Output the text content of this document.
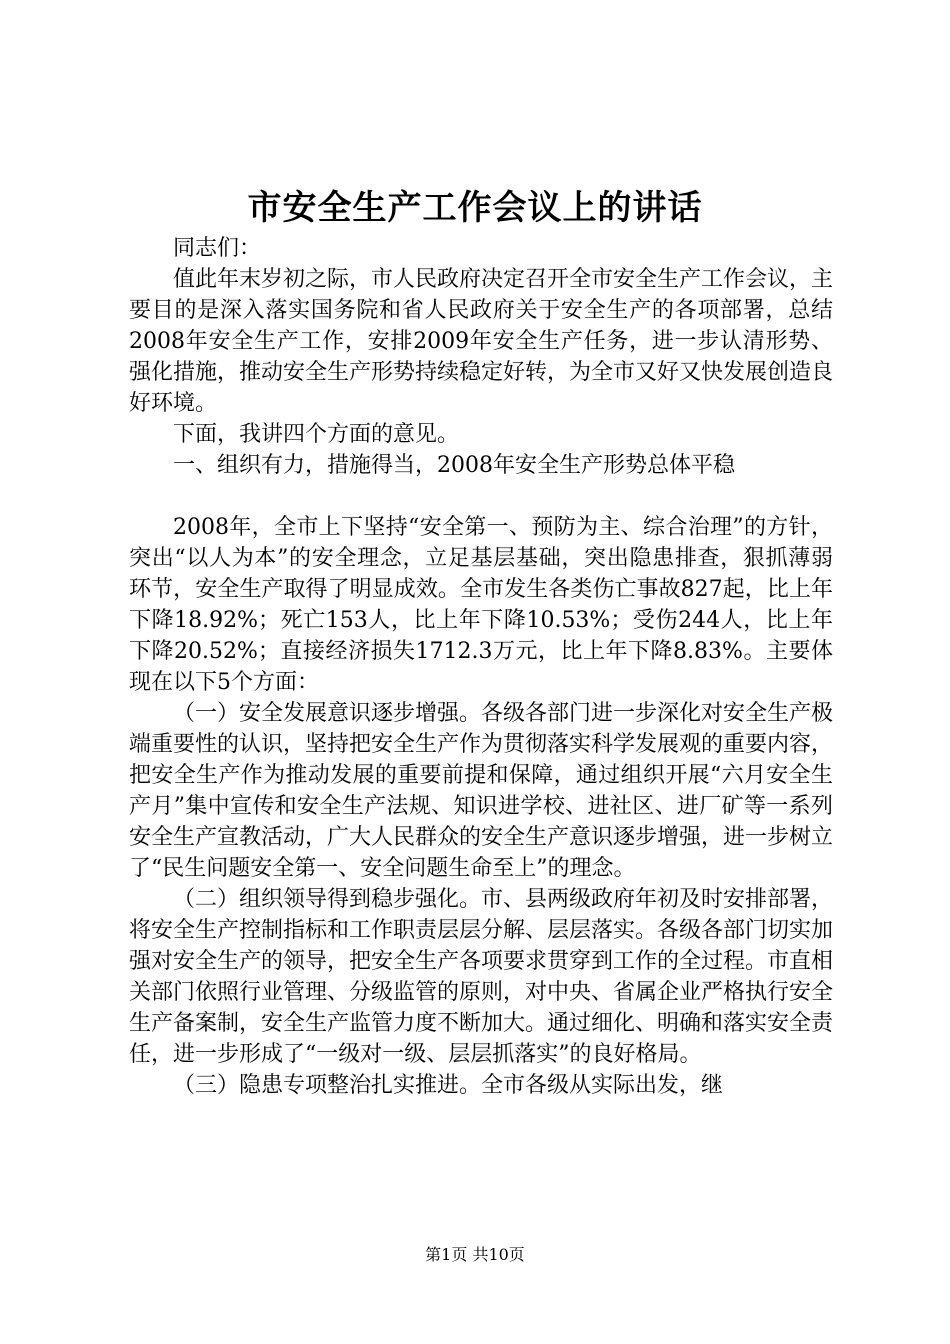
市安全生产工作会议上的讲话

同志们：

值此年末岁初之际，市人民政府决定召开全市安全生产工作会议，主要目的是深入落实国务院和省人民政府关于安全生产的各项部署，总结2008年安全生产工作，安排2009年安全生产任务，进一步认清形势、强化措施，推动安全生产形势持续稳定好转，为全市又好又快发展创造良好环境。

下面，我讲四个方面的意见。

一、组织有力，措施得当，2008年安全生产形势总体平稳

2008年，全市上下坚持“安全第一、预防为主、综合治理”的方针，突出“以人为本”的安全理念，立足基层基础，突出隐患排查，狠抓薄弱环节，安全生产取得了明显成效。全市发生各类伤亡事故827起，比上年下降18.92%；死亡153人，比上年下降10.53%；受伤244人，比上年下降20.52%；直接经济损失1712.3万元，比上年下降8.83%。主要体现在以下5个方面：

（一）安全发展意识逐步增强。各级各部门进一步深化对安全生产极端重要性的认识，坚持把安全生产作为贯彻落实科学发展观的重要内容，把安全生产作为推动发展的重要前提和保障，通过组织开展“六月安全生产月”集中宣传和安全生产法规、知识进学校、进社区、进厂矿等一系列安全生产宣教活动，广大人民群众的安全生产意识逐步增强，进一步树立了“民生问题安全第一、安全问题生命至上”的理念。

（二）组织领导得到稳步强化。市、县两级政府年初及时安排部署，将安全生产控制指标和工作职责层层分解、层层落实。各级各部门切实加强对安全生产的领导，把安全生产各项要求贯穿到工作的全过程。市直相关部门依照行业管理、分级监管的原则，对中央、省属企业严格执行安全生产备案制，安全生产监管力度不断加大。通过细化、明确和落实安全责任，进一步形成了“一级对一级、层层抓落实”的良好格局。

（三）隐患专项整治扎实推进。全市各级从实际出发，继

第1页 共10页
